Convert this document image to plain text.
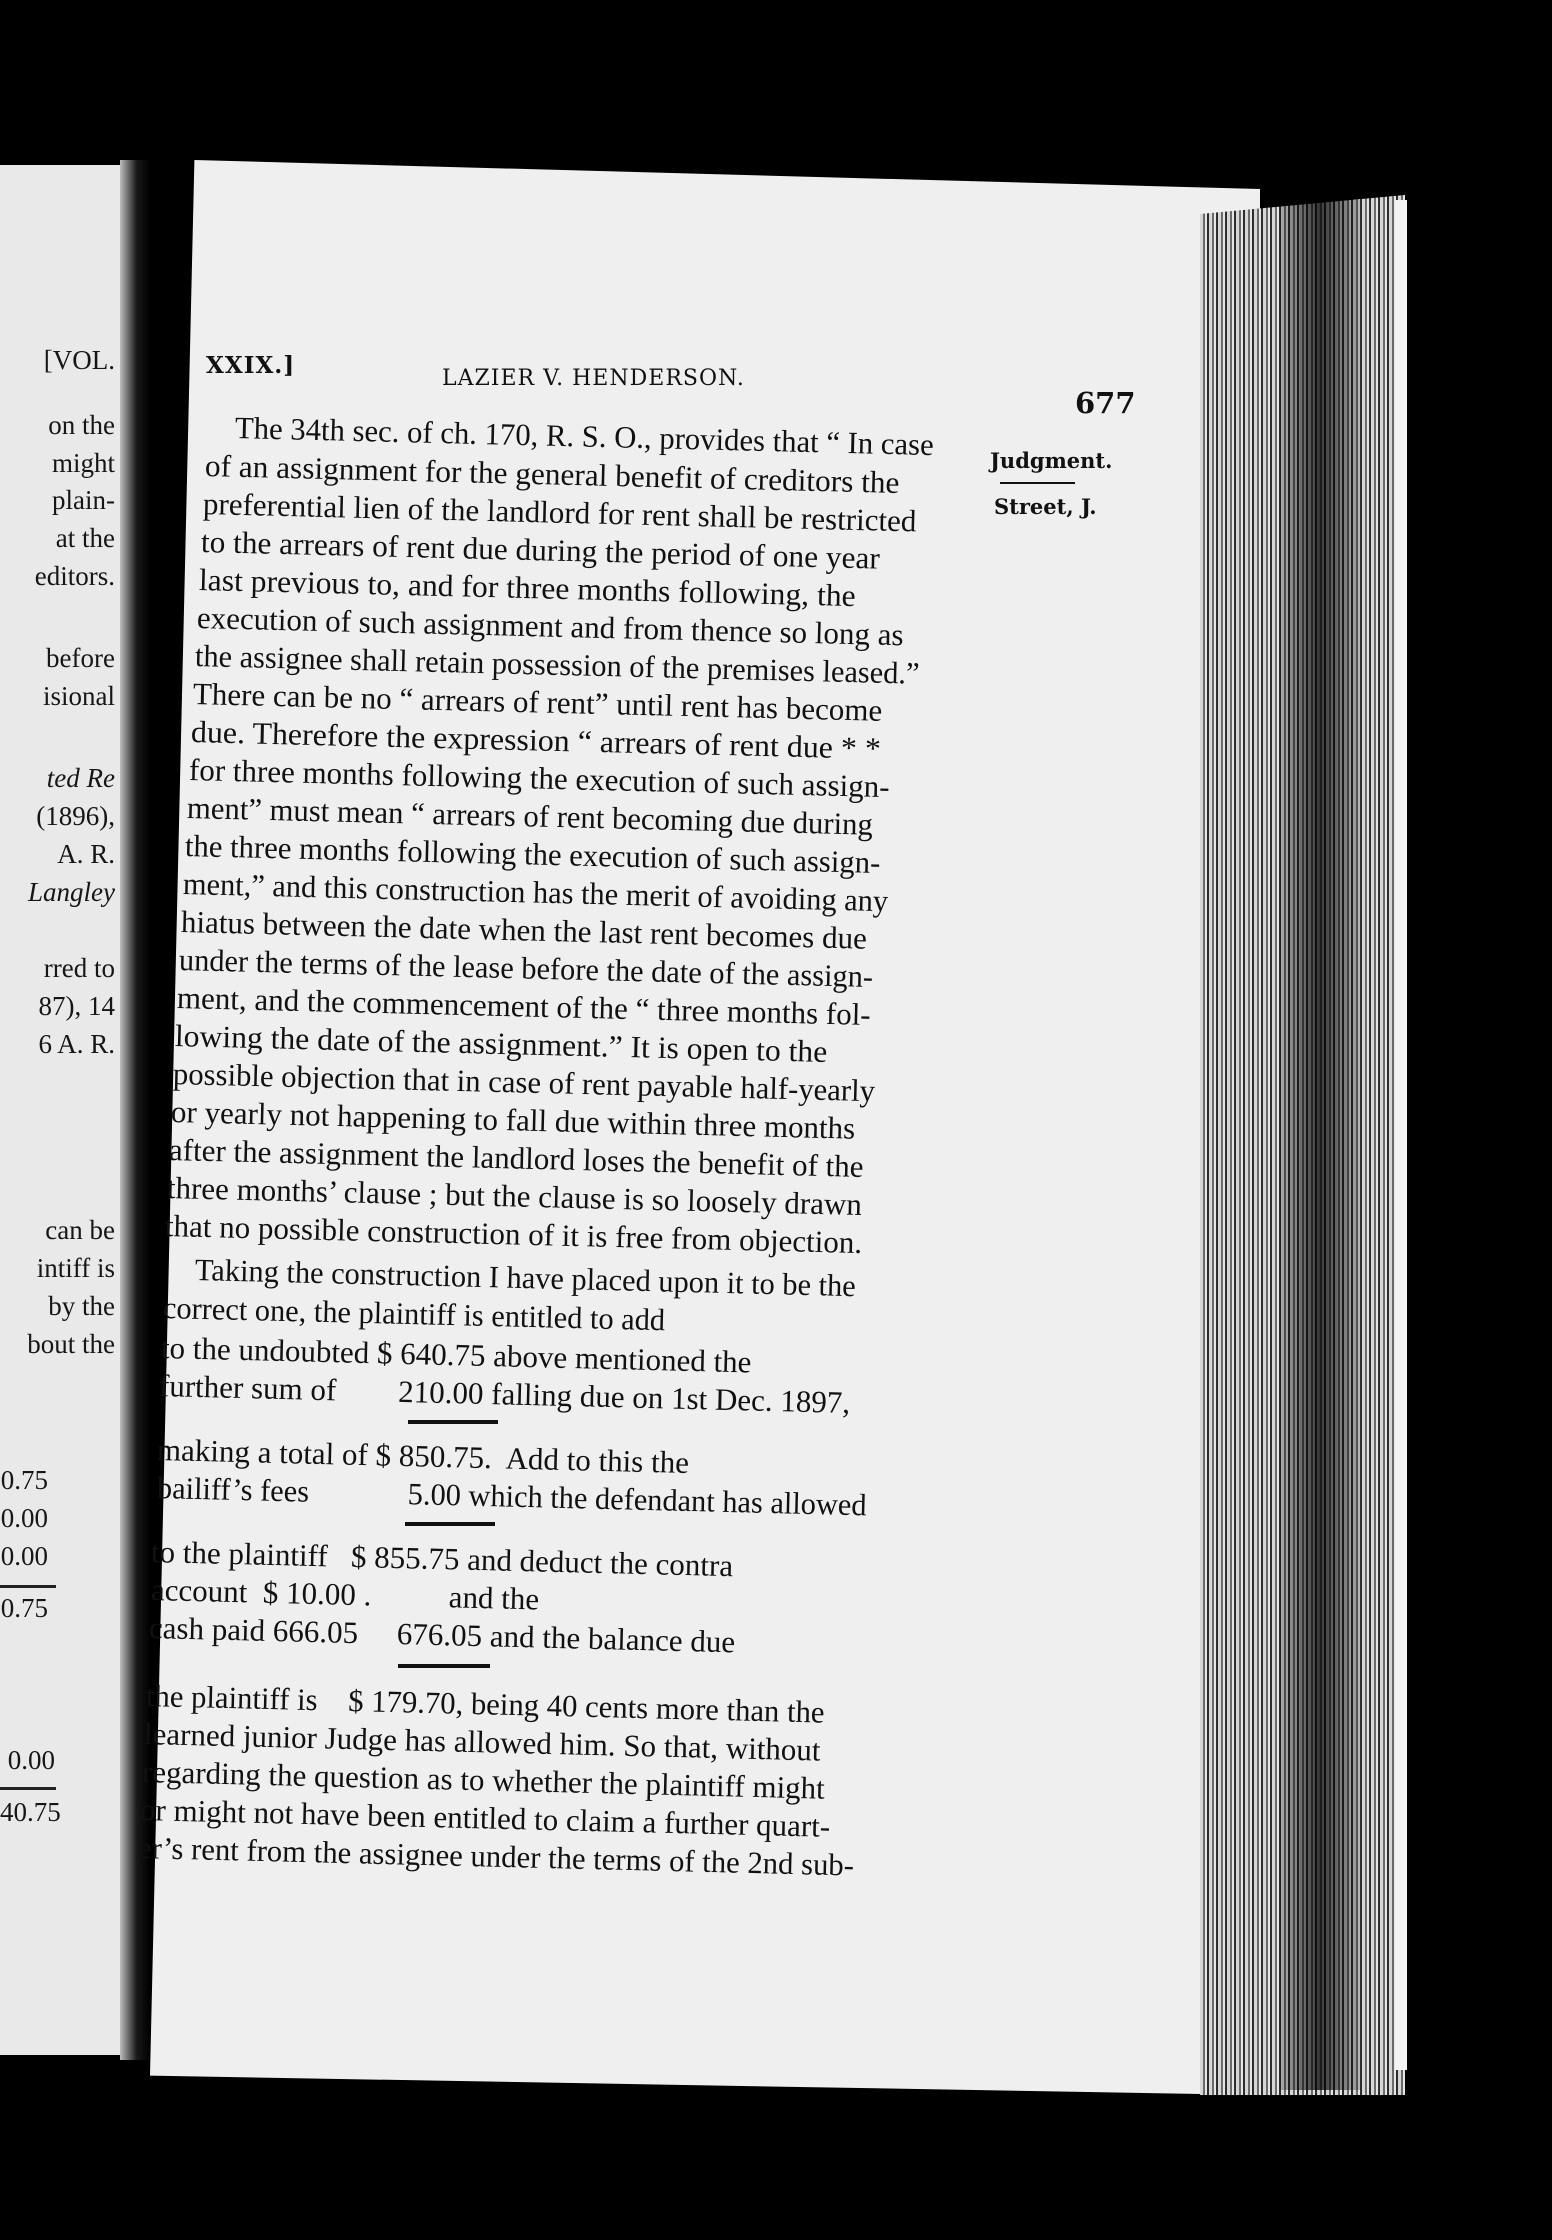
[VOL.
on the
might
plain-
at the
editors.
before
isional
ted Re
(1896),
A. R.
Langley
rred to
87), 14
6 A. R.
can be
intiff is
by the
bout the
0.75
0.00
0.00
0.75
0.00
40.75
XXIX.]	LAZIER V. HENDERSON.
677
Judgment.
Street, J.
The 34th sec. of ch. 170, R. S. O., provides that “ In case
of an assignment for the general benefit of creditors the
preferential lien of the landlord for rent shall be restricted
to the arrears of rent due during the period of one year
last previous to, and for three months following, the
execution of such assignment and from thence so long as
the assignee shall retain possession of the premises leased.”
There can be no “ arrears of rent” until rent has become
due. Therefore the expression “ arrears of rent due * *
for three months following the execution of such assign-
ment” must mean “ arrears of rent becoming due during
the three months following the execution of such assign-
ment,” and this construction has the merit of avoiding any
hiatus between the date when the last rent becomes due
under the terms of the lease before the date of the assign-
ment, and the commencement of the “ three months fol-
lowing the date of the assignment.” It is open to the
possible objection that in case of rent payable half-yearly
or yearly not happening to fall due within three months
after the assignment the landlord loses the benefit of the
three months’ clause ; but the clause is so loosely drawn
that no possible construction of it is free from objection.
Taking the construction I have placed upon it to be the
correct one, the plaintiff is entitled to add
to the undoubted $ 640.75 above mentioned the
further sum of        210.00 falling due on 1st Dec. 1897,
making a total of $ 850.75.  Add to this the
bailiff’s fees             5.00 which the defendant has allowed
to the plaintiff   $ 855.75 and deduct the contra
account  $ 10.00 .          and the
cash paid 666.05     676.05 and the balance due
the plaintiff is    $ 179.70, being 40 cents more than the
learned junior Judge has allowed him. So that, without
regarding the question as to whether the plaintiff might
or might not have been entitled to claim a further quart-
er’s rent from the assignee under the terms of the 2nd sub-
